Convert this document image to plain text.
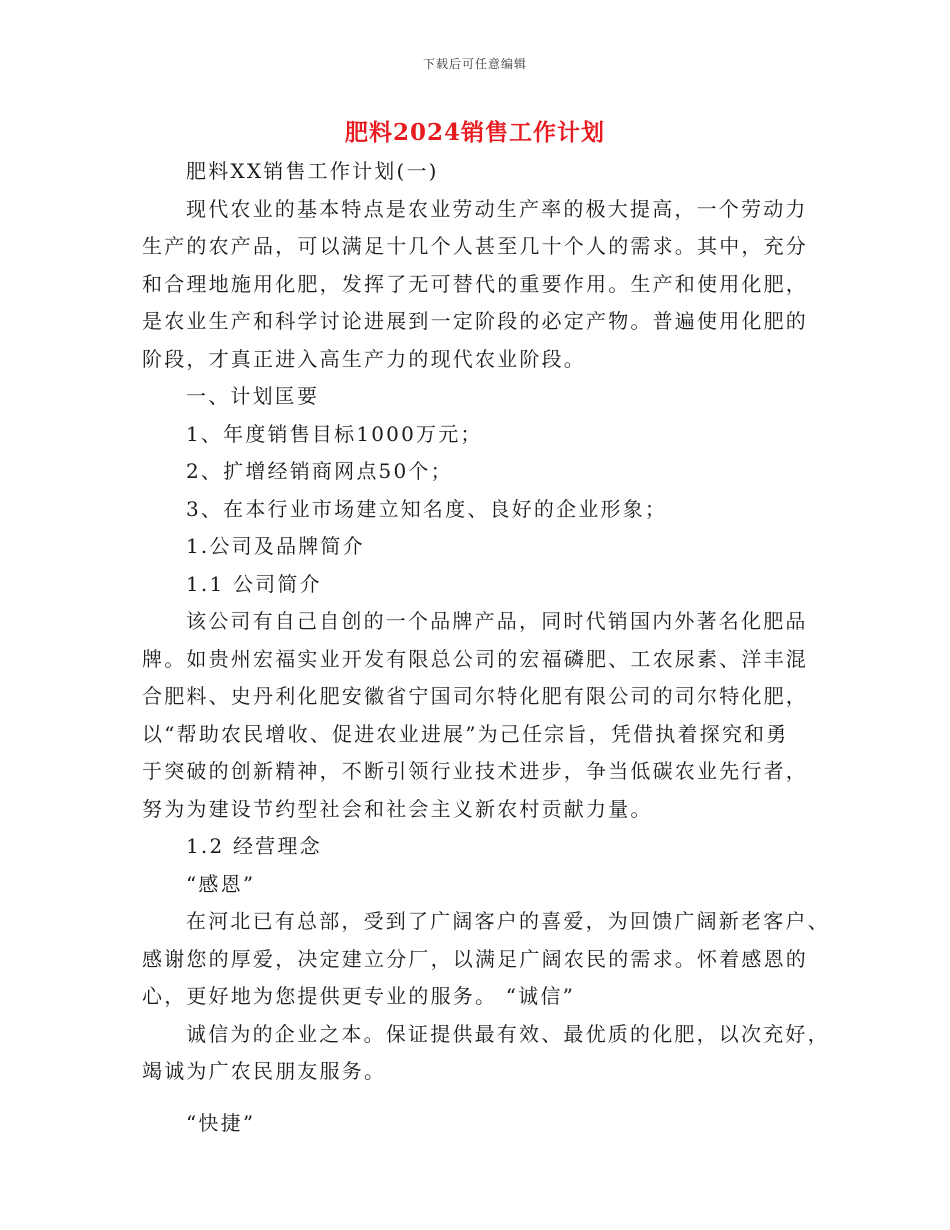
下载后可任意编辑
肥料2024销售工作计划

肥料XX销售工作计划(一)

现代农业的基本特点是农业劳动生产率的极大提高，一个劳动力

生产的农产品，可以满足十几个人甚至几十个人的需求。其中，充分

和合理地施用化肥，发挥了无可替代的重要作用。生产和使用化肥，

是农业生产和科学讨论进展到一定阶段的必定产物。普遍使用化肥的

阶段，才真正进入高生产力的现代农业阶段。

一、计划匡要

1、年度销售目标1000万元；

2、扩增经销商网点50个；

3、在本行业市场建立知名度、良好的企业形象；

1.公司及品牌简介

1.1 公司简介

该公司有自己自创的一个品牌产品，同时代销国内外著名化肥品

牌。如贵州宏福实业开发有限总公司的宏福磷肥、工农尿素、洋丰混

合肥料、史丹利化肥安徽省宁国司尔特化肥有限公司的司尔特化肥，

以“帮助农民增收、促进农业进展”为己任宗旨，凭借执着探究和勇

于突破的创新精神，不断引领行业技术进步，争当低碳农业先行者，

努为为建设节约型社会和社会主义新农村贡献力量。

1.2 经营理念

“感恩”

在河北已有总部，受到了广阔客户的喜爱，为回馈广阔新老客户、

感谢您的厚爱，决定建立分厂，以满足广阔农民的需求。怀着感恩的

心，更好地为您提供更专业的服务。 “诚信”

诚信为的企业之本。保证提供最有效、最优质的化肥，以次充好，

竭诚为广农民朋友服务。

“快捷”
